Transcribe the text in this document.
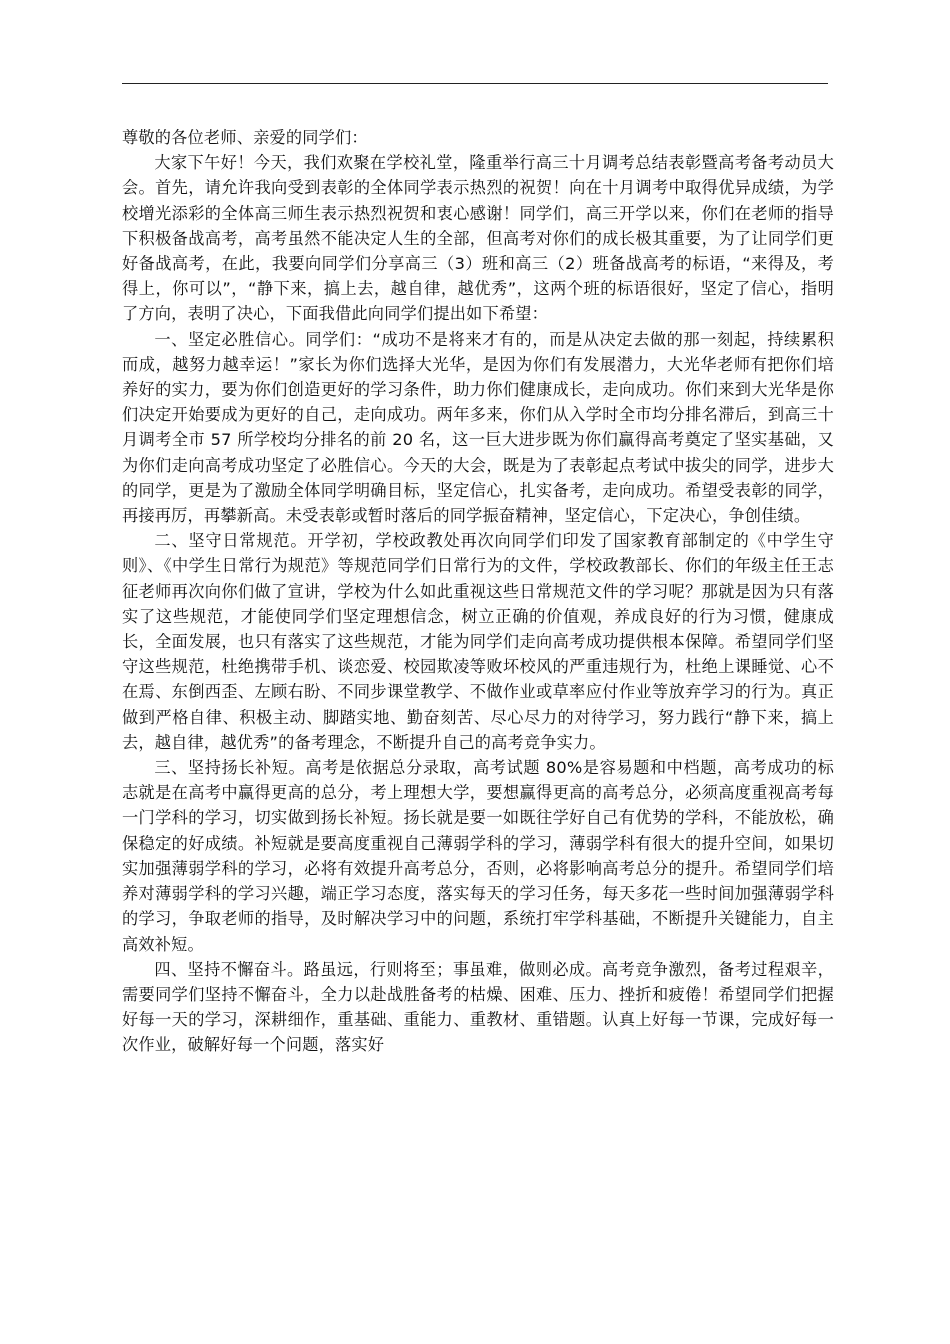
尊敬的各位老师、亲爱的同学们：

大家下午好！今天，我们欢聚在学校礼堂，隆重举行高三十月调考总结表彰暨高考备考动员大会。首先，请允许我向受到表彰的全体同学表示热烈的祝贺！向在十月调考中取得优异成绩，为学校增光添彩的全体高三师生表示热烈祝贺和衷心感谢！同学们，高三开学以来，你们在老师的指导下积极备战高考，高考虽然不能决定人生的全部，但高考对你们的成长极其重要，为了让同学们更好备战高考，在此，我要向同学们分享高三（3）班和高三（2）班备战高考的标语，“来得及，考得上，你可以”，“静下来，搞上去，越自律，越优秀”，这两个班的标语很好，坚定了信心，指明了方向，表明了决心，下面我借此向同学们提出如下希望：

一、坚定必胜信心。同学们：“成功不是将来才有的，而是从决定去做的那一刻起，持续累积而成，越努力越幸运！”家长为你们选择大光华，是因为你们有发展潜力，大光华老师有把你们培养好的实力，要为你们创造更好的学习条件，助力你们健康成长，走向成功。你们来到大光华是你们决定开始要成为更好的自己，走向成功。两年多来，你们从入学时全市均分排名滞后，到高三十月调考全市 57 所学校均分排名的前 20 名，这一巨大进步既为你们赢得高考奠定了坚实基础，又为你们走向高考成功坚定了必胜信心。今天的大会，既是为了表彰起点考试中拔尖的同学，进步大的同学，更是为了激励全体同学明确目标，坚定信心，扎实备考，走向成功。希望受表彰的同学，再接再厉，再攀新高。未受表彰或暂时落后的同学振奋精神，坚定信心，下定决心，争创佳绩。

二、坚守日常规范。开学初，学校政教处再次向同学们印发了国家教育部制定的《中学生守则》、《中学生日常行为规范》等规范同学们日常行为的文件，学校政教部长、你们的年级主任王志征老师再次向你们做了宣讲，学校为什么如此重视这些日常规范文件的学习呢？那就是因为只有落实了这些规范，才能使同学们坚定理想信念，树立正确的价值观，养成良好的行为习惯，健康成长，全面发展，也只有落实了这些规范，才能为同学们走向高考成功提供根本保障。希望同学们坚守这些规范，杜绝携带手机、谈恋爱、校园欺凌等败坏校风的严重违规行为，杜绝上课睡觉、心不在焉、东倒西歪、左顾右盼、不同步课堂教学、不做作业或草率应付作业等放弃学习的行为。真正做到严格自律、积极主动、脚踏实地、勤奋刻苦、尽心尽力的对待学习，努力践行“静下来，搞上去，越自律，越优秀”的备考理念，不断提升自己的高考竞争实力。

三、坚持扬长补短。高考是依据总分录取，高考试题 80%是容易题和中档题，高考成功的标志就是在高考中赢得更高的总分，考上理想大学，要想赢得更高的高考总分，必须高度重视高考每一门学科的学习，切实做到扬长补短。扬长就是要一如既往学好自己有优势的学科，不能放松，确保稳定的好成绩。补短就是要高度重视自己薄弱学科的学习，薄弱学科有很大的提升空间，如果切实加强薄弱学科的学习，必将有效提升高考总分，否则，必将影响高考总分的提升。希望同学们培养对薄弱学科的学习兴趣，端正学习态度，落实每天的学习任务，每天多花一些时间加强薄弱学科的学习，争取老师的指导，及时解决学习中的问题，系统打牢学科基础，不断提升关键能力，自主高效补短。

四、坚持不懈奋斗。路虽远，行则将至；事虽难，做则必成。高考竞争激烈，备考过程艰辛，需要同学们坚持不懈奋斗，全力以赴战胜备考的枯燥、困难、压力、挫折和疲倦！希望同学们把握好每一天的学习，深耕细作，重基础、重能力、重教材、重错题。认真上好每一节课，完成好每一次作业，破解好每一个问题，落实好
